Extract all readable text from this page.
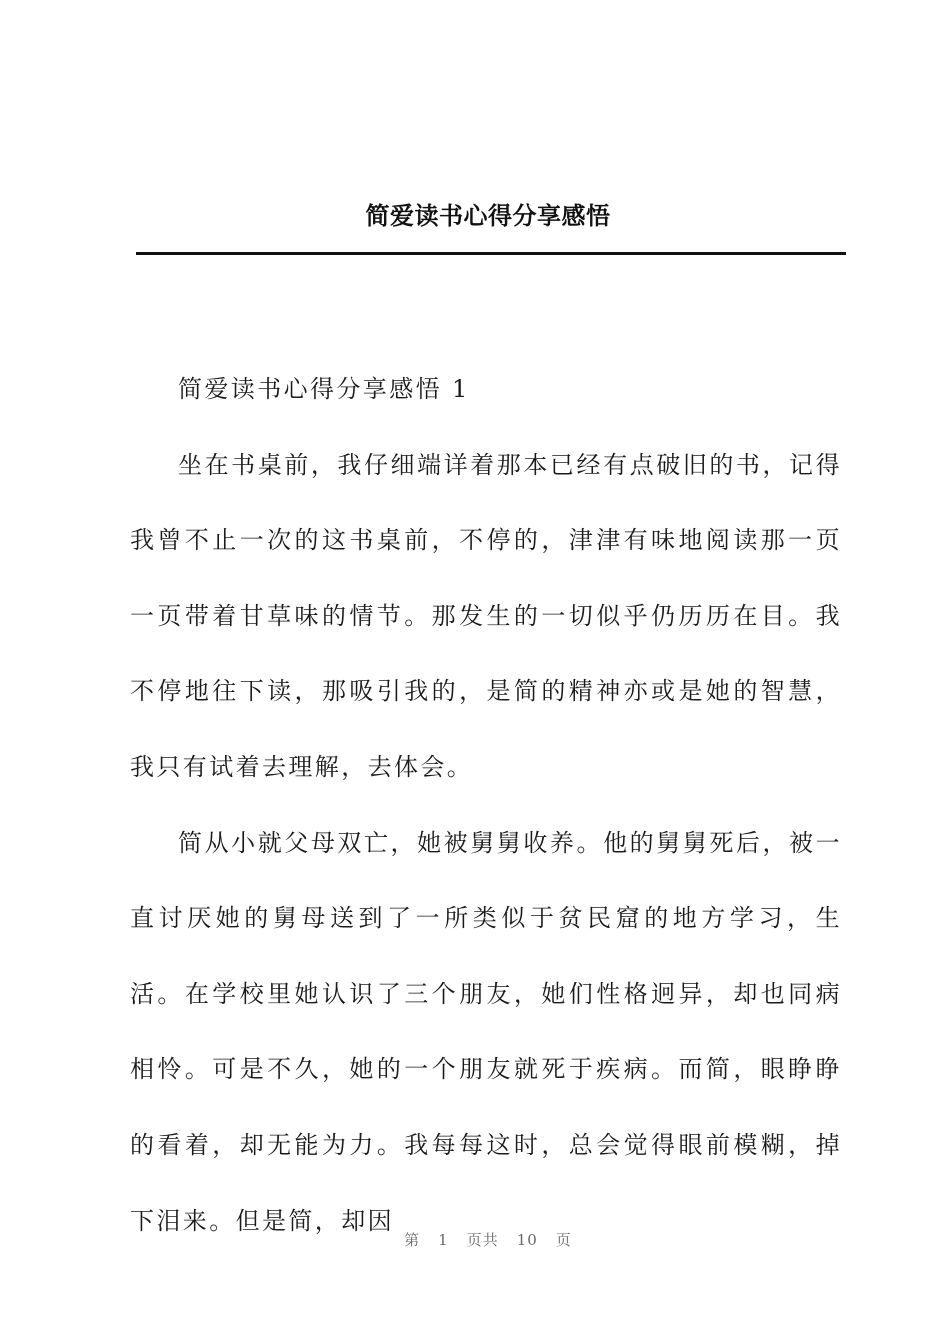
简爱读书心得分享感悟

简爱读书心得分享感悟 1

坐在书桌前，我仔细端详着那本已经有点破旧的书，记得我曾不止一次的这书桌前，不停的，津津有味地阅读那一页一页带着甘草味的情节。那发生的一切似乎仍历历在目。我不停地往下读，那吸引我的，是简的精神亦或是她的智慧，我只有试着去理解，去体会。

简从小就父母双亡，她被舅舅收养。他的舅舅死后，被一直讨厌她的舅母送到了一所类似于贫民窟的地方学习，生活。在学校里她认识了三个朋友，她们性格迥异，却也同病相怜。可是不久，她的一个朋友就死于疾病。而简，眼睁睁的看着，却无能为力。我每每这时，总会觉得眼前模糊，掉下泪来。但是简，却因

第 1 页共 10 页
